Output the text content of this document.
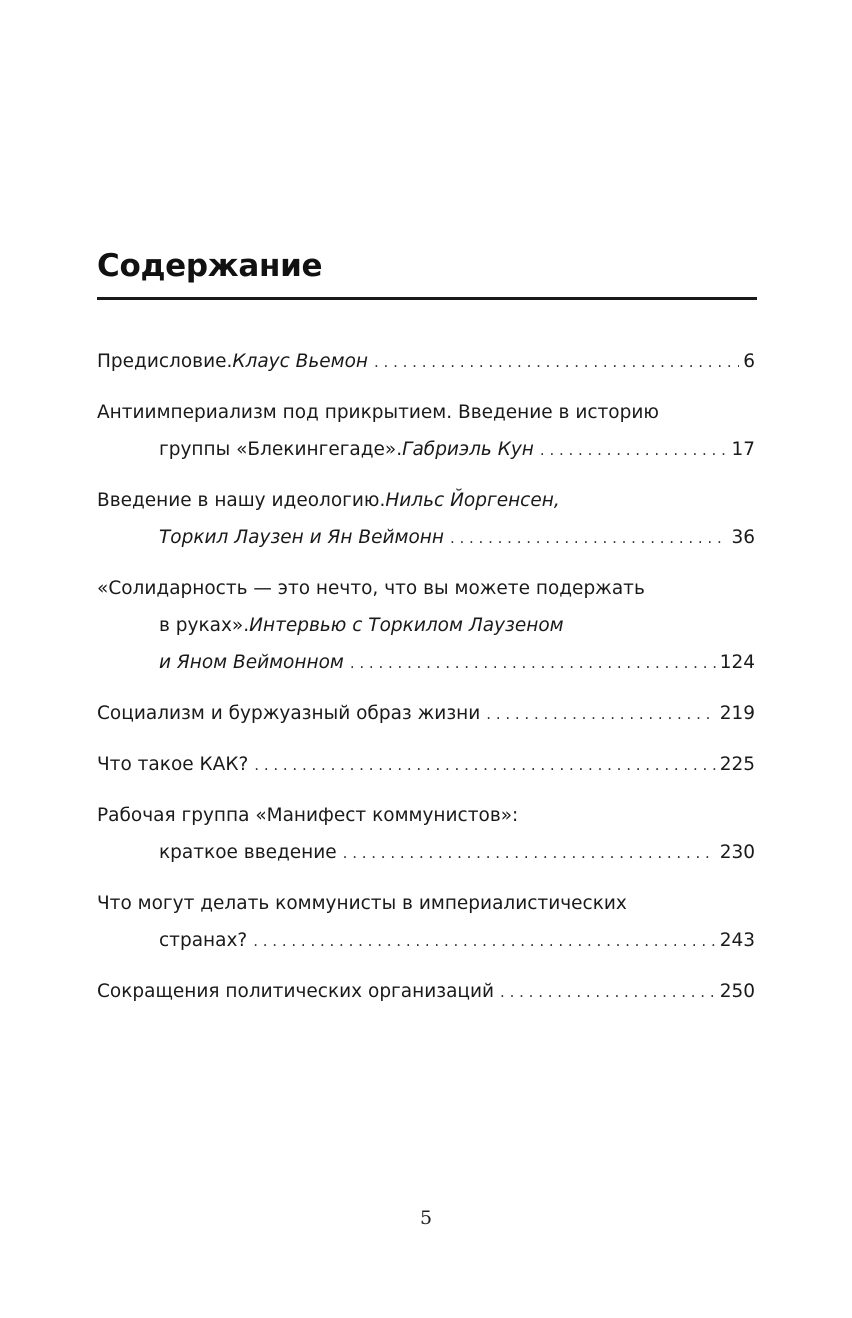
Содержание
Предисловие. Клаус Вьемон . . .	6
Антиимпериализм под прикрытием. Введение в историю
группы «Блекингегаде». Габриэль Кун . . .	17
Введение в нашу идеологию. Нильс Йоргенсен,
Торкил Лаузен и Ян Веймонн . . .	36
«Солидарность — это нечто, что вы можете подержать
в руках». Интервью с Торкилом Лаузеном
и Яном Веймонном . . .	124
Социализм и буржуазный образ жизни . . .	219
Что такое КАК? . . .	225
Рабочая группа «Манифест коммунистов»:
краткое введение . . .	230
Что могут делать коммунисты в империалистических
странах? . . .	243
Сокращения политических организаций . . .	250
5
